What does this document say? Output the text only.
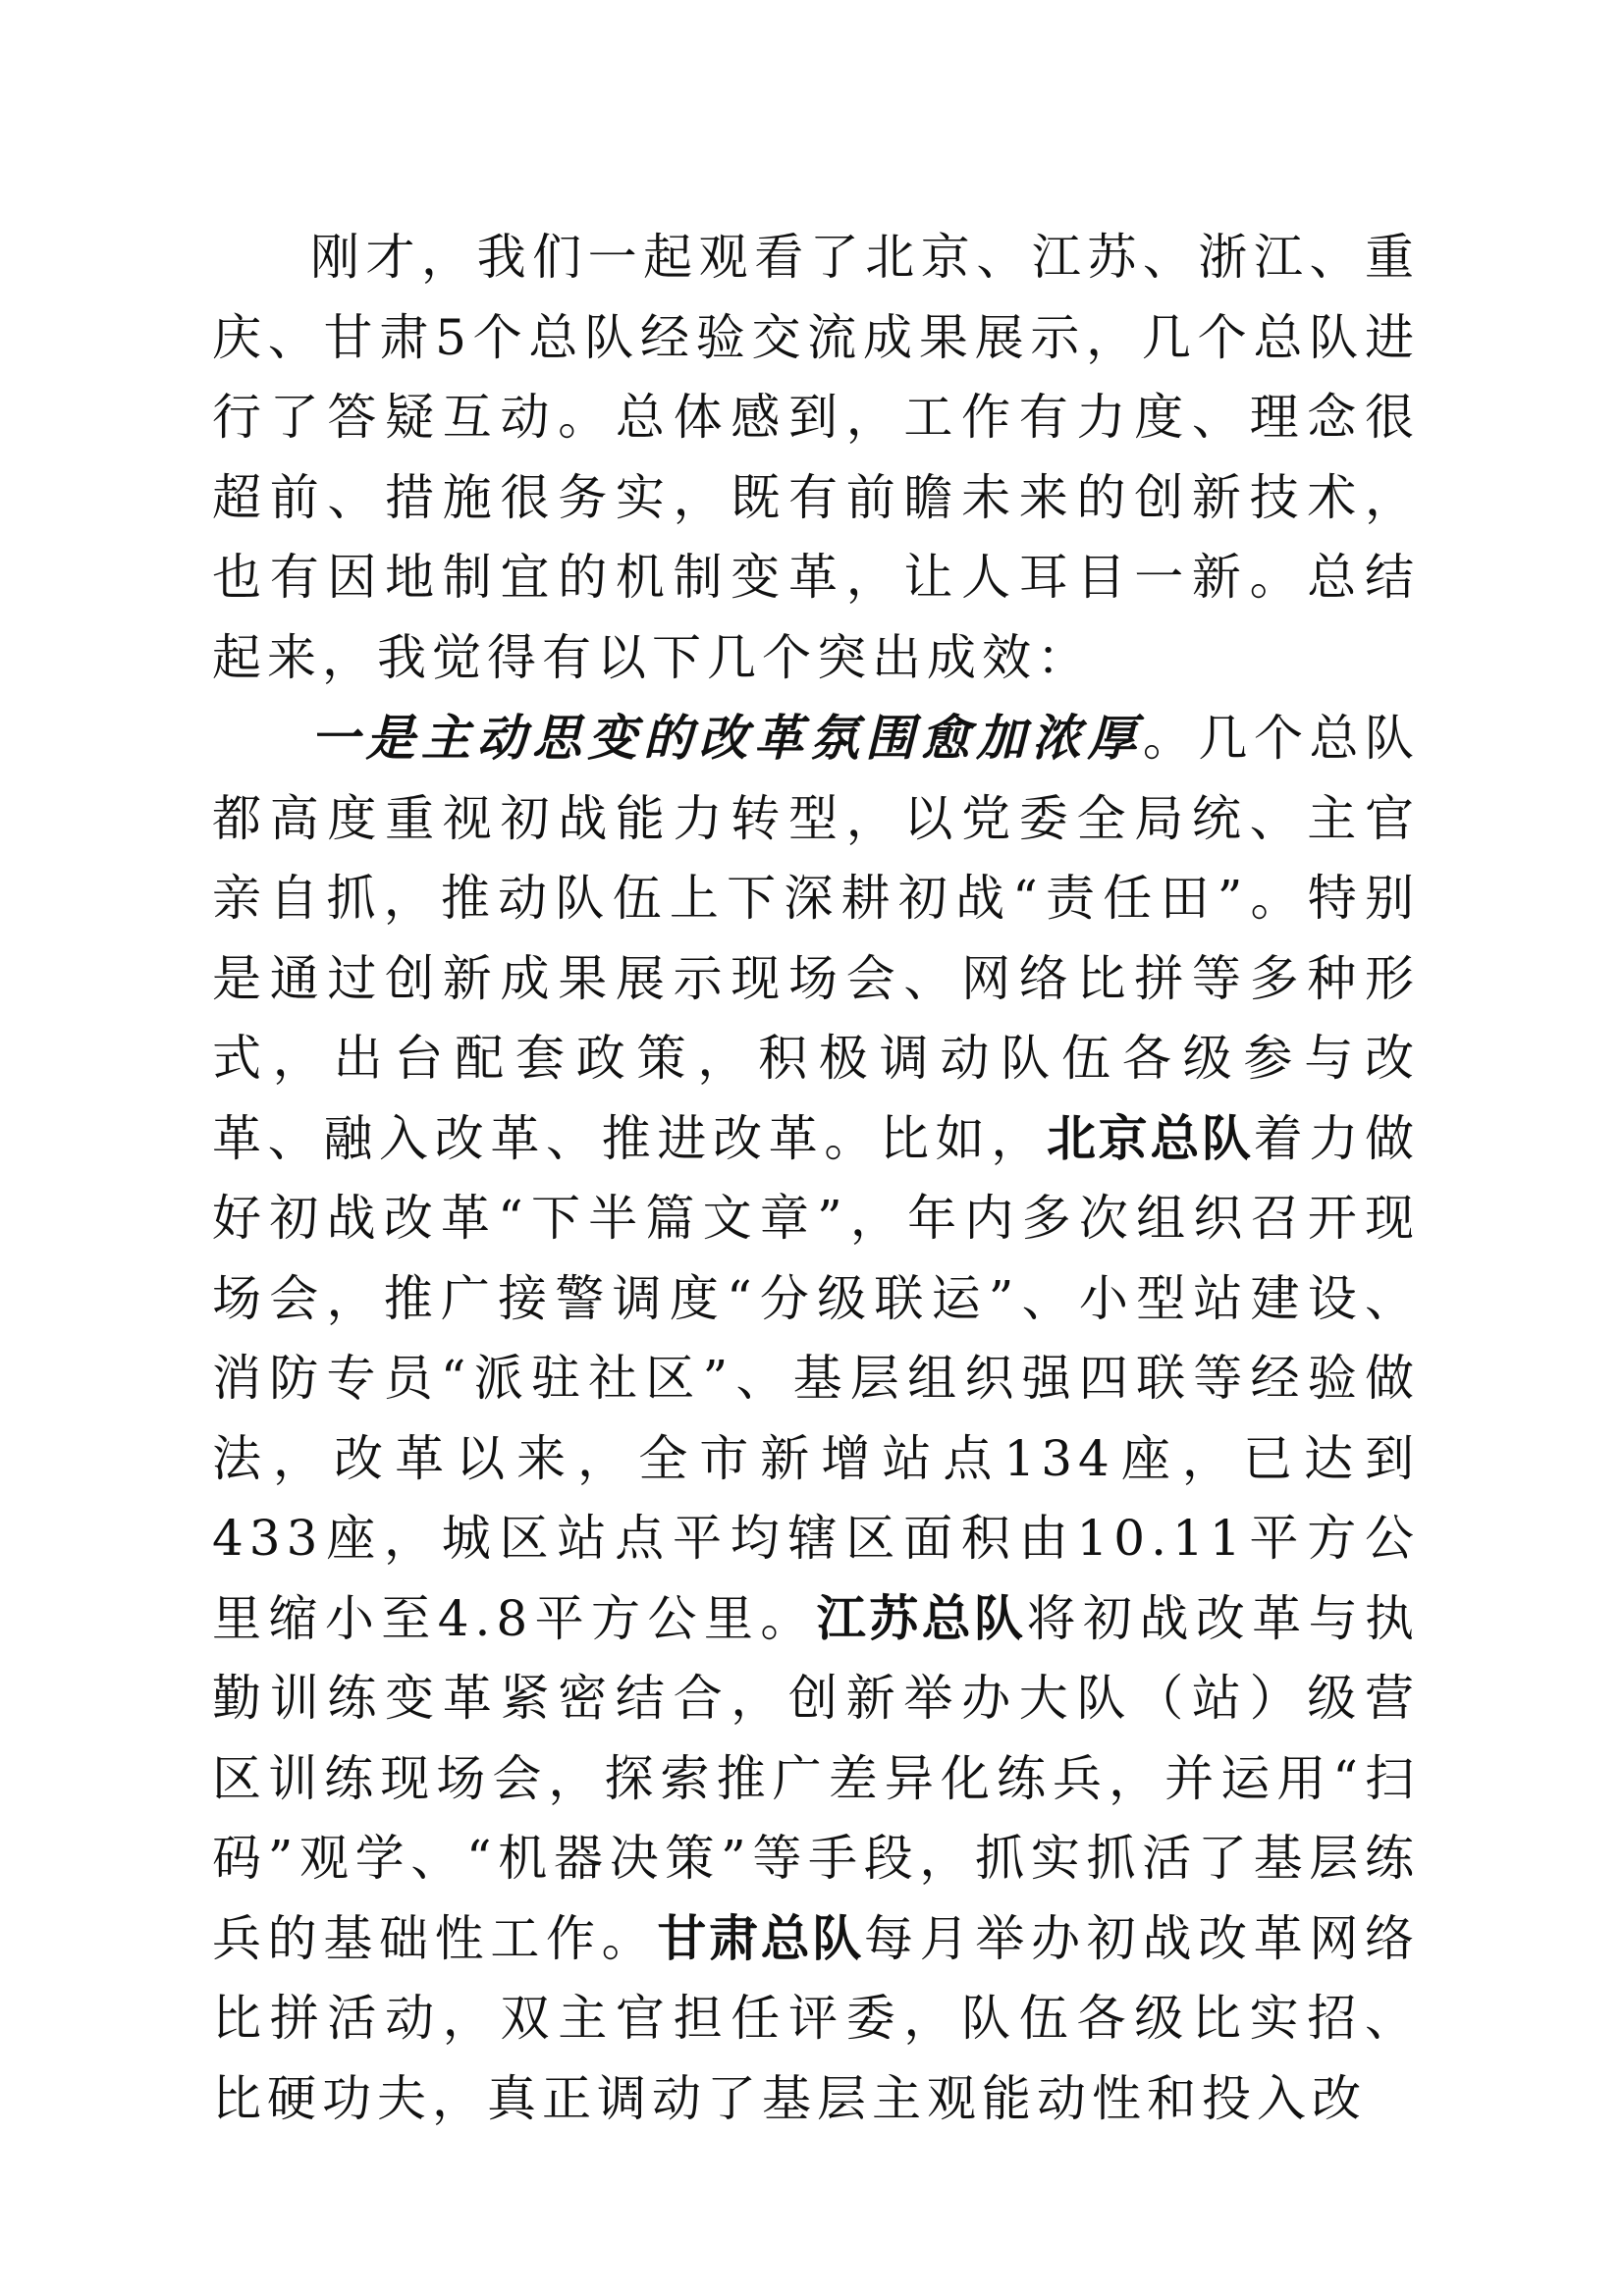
刚才，我们一起观看了北京、江苏、浙江、重庆、甘肃5个总队经验交流成果展示，几个总队进行了答疑互动。总体感到，工作有力度、理念很超前、措施很务实，既有前瞻未来的创新技术，也有因地制宜的机制变革，让人耳目一新。总结起来，我觉得有以下几个突出成效：

一是主动思变的改革氛围愈加浓厚。几个总队都高度重视初战能力转型，以党委全局统、主官亲自抓，推动队伍上下深耕初战“责任田”。特别是通过创新成果展示现场会、网络比拼等多种形式，出台配套政策，积极调动队伍各级参与改革、融入改革、推进改革。比如，北京总队着力做好初战改革“下半篇文章”，年内多次组织召开现场会，推广接警调度“分级联运”、小型站建设、消防专员“派驻社区”、基层组织强四联等经验做法，改革以来，全市新增站点134座，已达到433座，城区站点平均辖区面积由10.11平方公里缩小至4.8平方公里。江苏总队将初战改革与执勤训练变革紧密结合，创新举办大队（站）级营区训练现场会，探索推广差异化练兵，并运用“扫码”观学、“机器决策”等手段，抓实抓活了基层练兵的基础性工作。甘肃总队每月举办初战改革网络比拼活动，双主官担任评委，队伍各级比实招、比硬功夫，真正调动了基层主观能动性和投入改
